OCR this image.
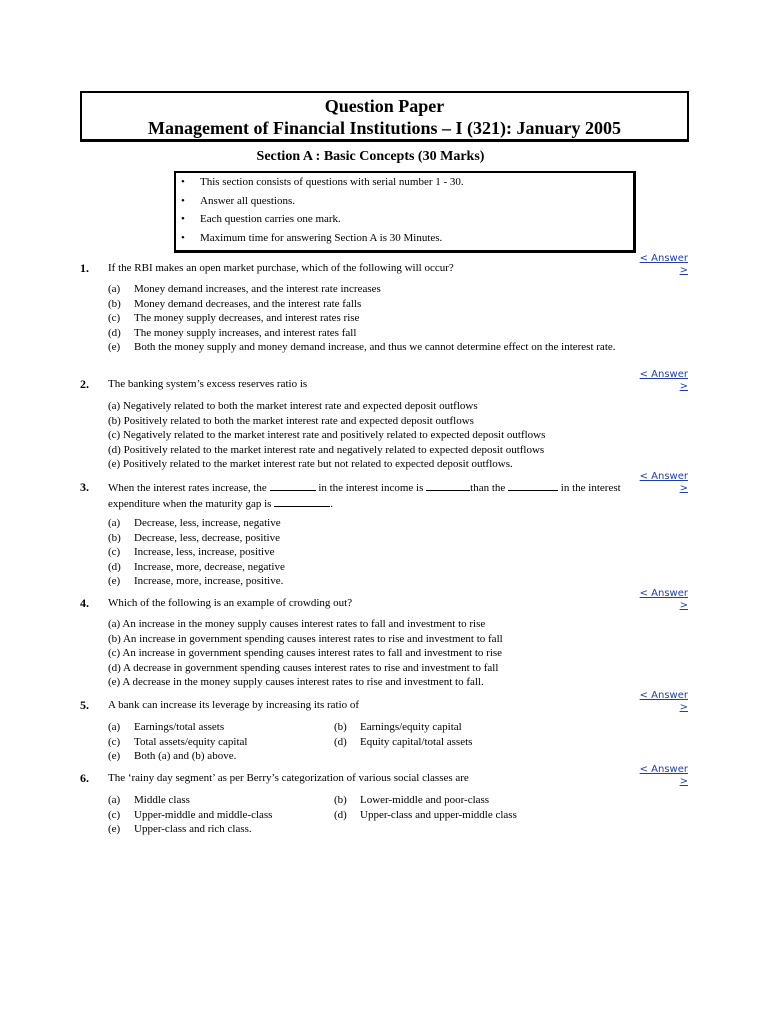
Question Paper
Management of Financial Institutions – I (321): January 2005
Section A : Basic Concepts (30 Marks)
• This section consists of questions with serial number 1 - 30.
• Answer all questions.
• Each question carries one mark.
• Maximum time for answering Section A is 30 Minutes.
< Answer
>
< Answer
>
< Answer
>
< Answer
>
< Answer
>
< Answer
>
1. If the RBI makes an open market purchase, which of the following will occur?
(a) Money demand increases, and the interest rate increases
(b) Money demand decreases, and the interest rate falls
(c) The money supply decreases, and interest rates rise
(d) The money supply increases, and interest rates fall
(e) Both the money supply and money demand increase, and thus we cannot determine effect on the interest rate.
2. The banking system’s excess reserves ratio is
(a) Negatively related to both the market interest rate and expected deposit outflows
(b) Positively related to both the market interest rate and expected deposit outflows
(c) Negatively related to the market interest rate and positively related to expected deposit outflows
(d) Positively related to the market interest rate and negatively related to expected deposit outflows
(e) Positively related to the market interest rate but not related to expected deposit outflows.
3. When the interest rates increase, the	in the interest income is	than the	in the interest expenditure when the maturity gap is	.
(a) Decrease, less, increase, negative
(b) Decrease, less, decrease, positive
(c) Increase, less, increase, positive
(d) Increase, more, decrease, negative
(e) Increase, more, increase, positive.
4. Which of the following is an example of crowding out?
(a) An increase in the money supply causes interest rates to fall and investment to rise
(b) An increase in government spending causes interest rates to rise and investment to fall
(c) An increase in government spending causes interest rates to fall and investment to rise
(d) A decrease in government spending causes interest rates to rise and investment to fall
(e) A decrease in the money supply causes interest rates to rise and investment to fall.
5. A bank can increase its leverage by increasing its ratio of
(a) Earnings/total assets	(b) Earnings/equity capital
(c) Total assets/equity capital	(d) Equity capital/total assets
(e) Both (a) and (b) above.
6. The ‘rainy day segment’ as per Berry’s categorization of various social classes are
(a) Middle class	(b) Lower-middle and poor-class
(c) Upper-middle and middle-class	(d) Upper-class and upper-middle class
(e) Upper-class and rich class.
